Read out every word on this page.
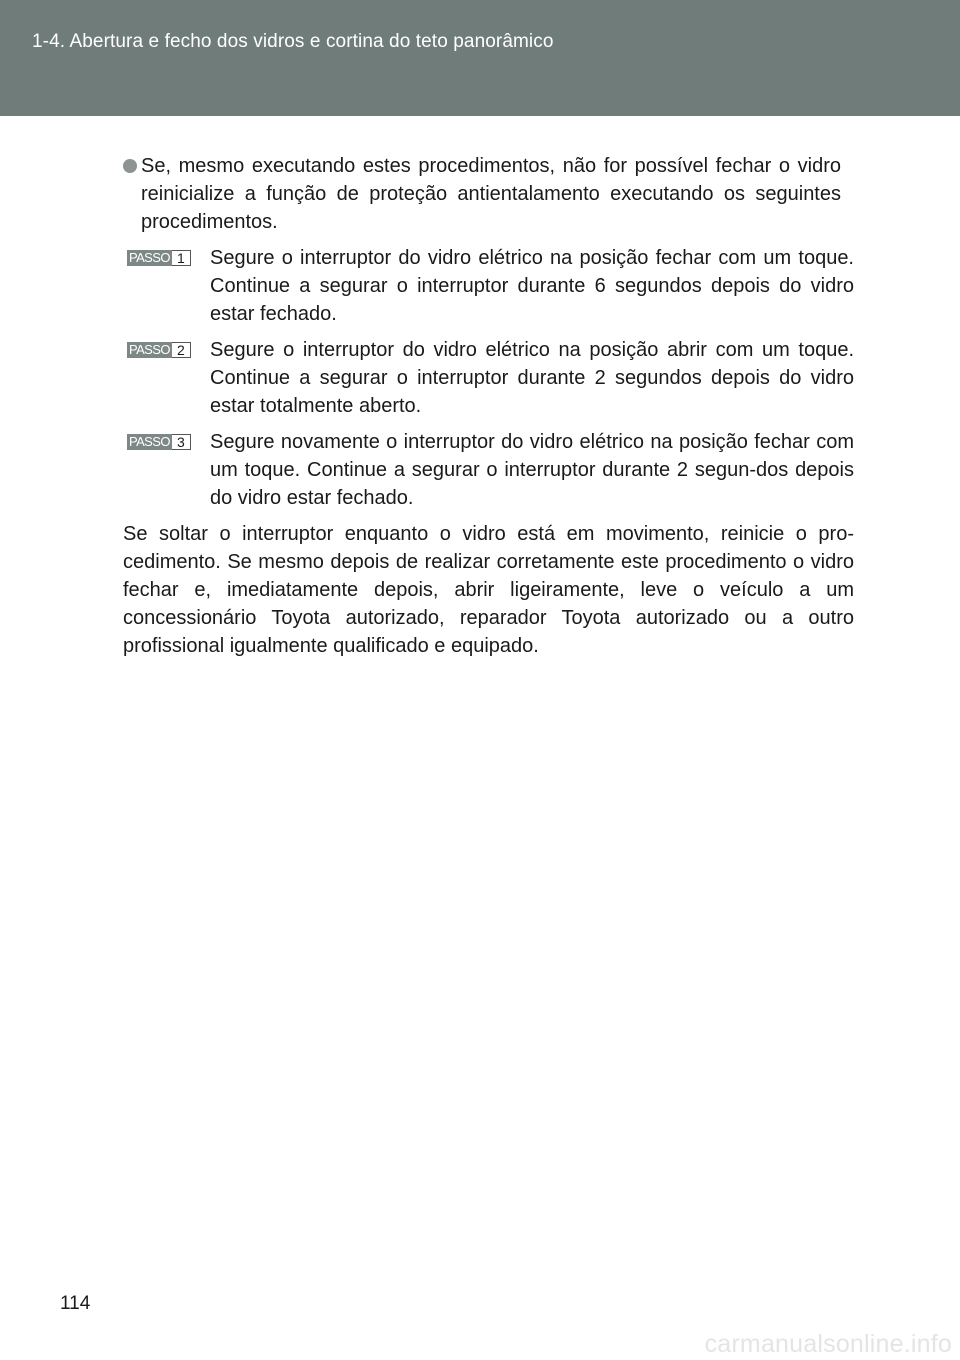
1-4. Abertura e fecho dos vidros e cortina do teto panorâmico
Se, mesmo executando estes procedimentos, não for possível fechar o vidro reinicialize a função de proteção antientalamento executando os seguintes procedimentos.
PASSO 1	Segure o interruptor do vidro elétrico na posição fechar com um toque. Continue a segurar o interruptor durante 6 segundos depois do vidro estar fechado.
PASSO 2	Segure o interruptor do vidro elétrico na posição abrir com um toque. Continue a segurar o interruptor durante 2 segundos depois do vidro estar totalmente aberto.
PASSO 3	Segure novamente o interruptor do vidro elétrico na posição fechar com um toque. Continue a segurar o interruptor durante 2 segun-dos depois do vidro estar fechado.
Se soltar o interruptor enquanto o vidro está em movimento, reinicie o pro-cedimento. Se mesmo depois de realizar corretamente este procedimento o vidro fechar e, imediatamente depois, abrir ligeiramente, leve o veículo a um concessionário Toyota autorizado, reparador Toyota autorizado ou a outro profissional igualmente qualificado e equipado.
114
carmanualsonline.info
